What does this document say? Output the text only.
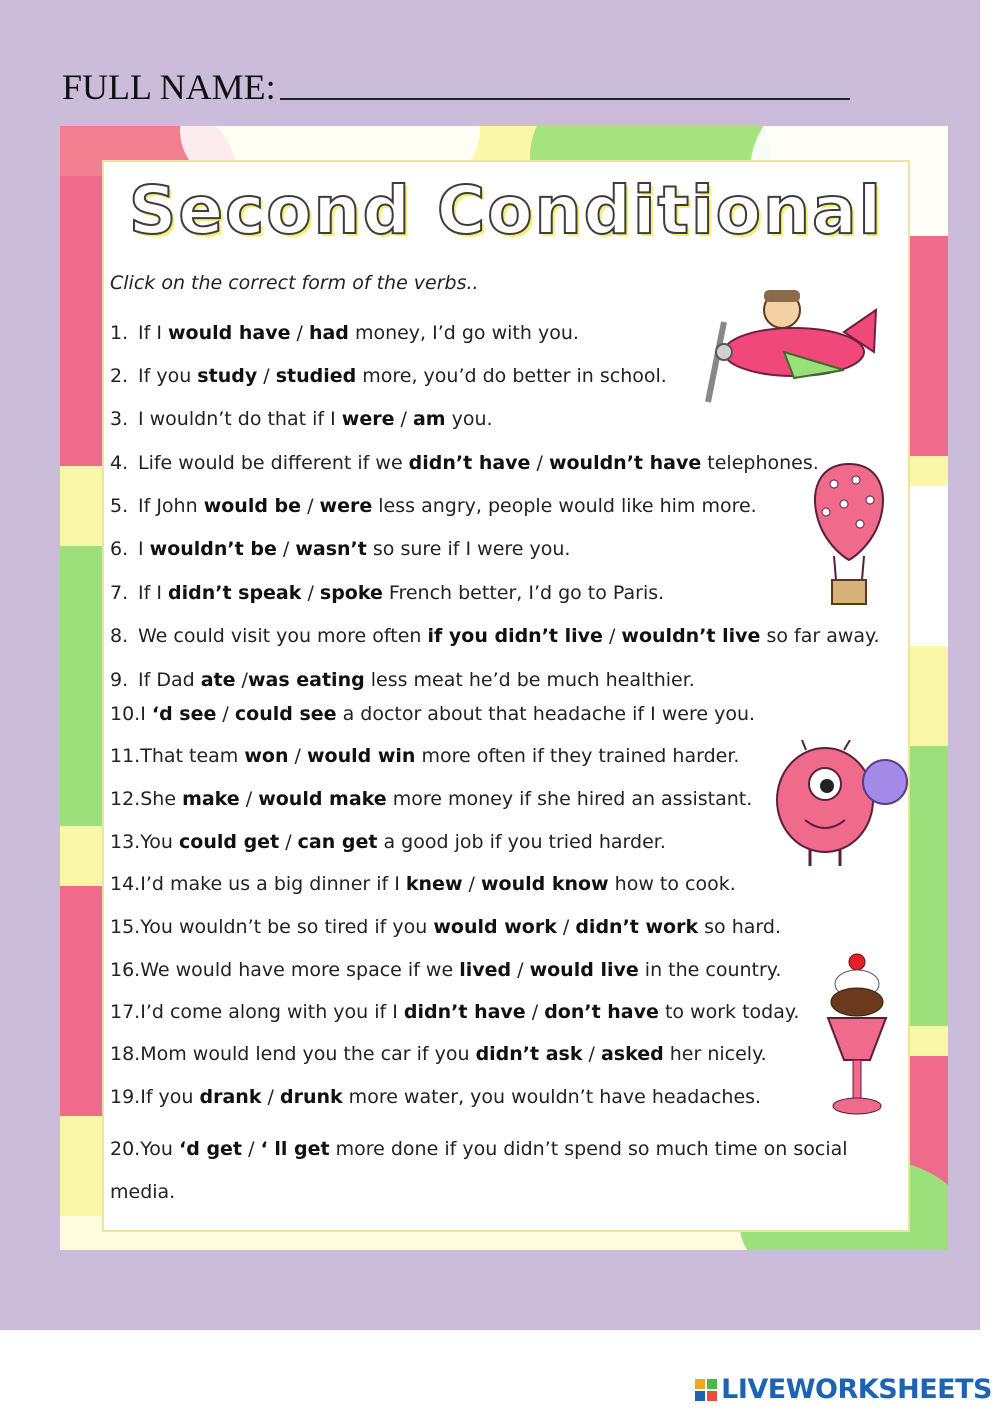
FULL NAME:
Second Conditional
Click on the correct form of the verbs..
1. If I would have / had money, I’d go with you.
2. If you study / studied more, you’d do better in school.
3. I wouldn’t do that if I were / am you.
4. Life would be different if we didn’t have / wouldn’t have telephones.
5. If John would be / were less angry, people would like him more.
6. I wouldn’t be / wasn’t so sure if I were you.
7. If I didn’t speak / spoke French better, I’d go to Paris.
8. We could visit you more often if you didn’t live / wouldn’t live so far away.
9. If Dad ate /was eating less meat he’d be much healthier.
10.I ‘d see / could see a doctor about that headache if I were you.
11.That team won / would win more often if they trained harder.
12.She make / would make more money if she hired an assistant.
13.You could get / can get a good job if you tried harder.
14.I’d make us a big dinner if I knew / would know how to cook.
15.You wouldn’t be so tired if you would work / didn’t work so hard.
16.We would have more space if we lived / would live in the country.
17.I’d come along with you if I didn’t have / don’t have to work today.
18.Mom would lend you the car if you didn’t ask / asked her nicely.
19.If you drank / drunk more water, you wouldn’t have headaches.
20.You ‘d get / ‘ ll get more done if you didn’t spend so much time on social media.
LIVEWORKSHEETS
